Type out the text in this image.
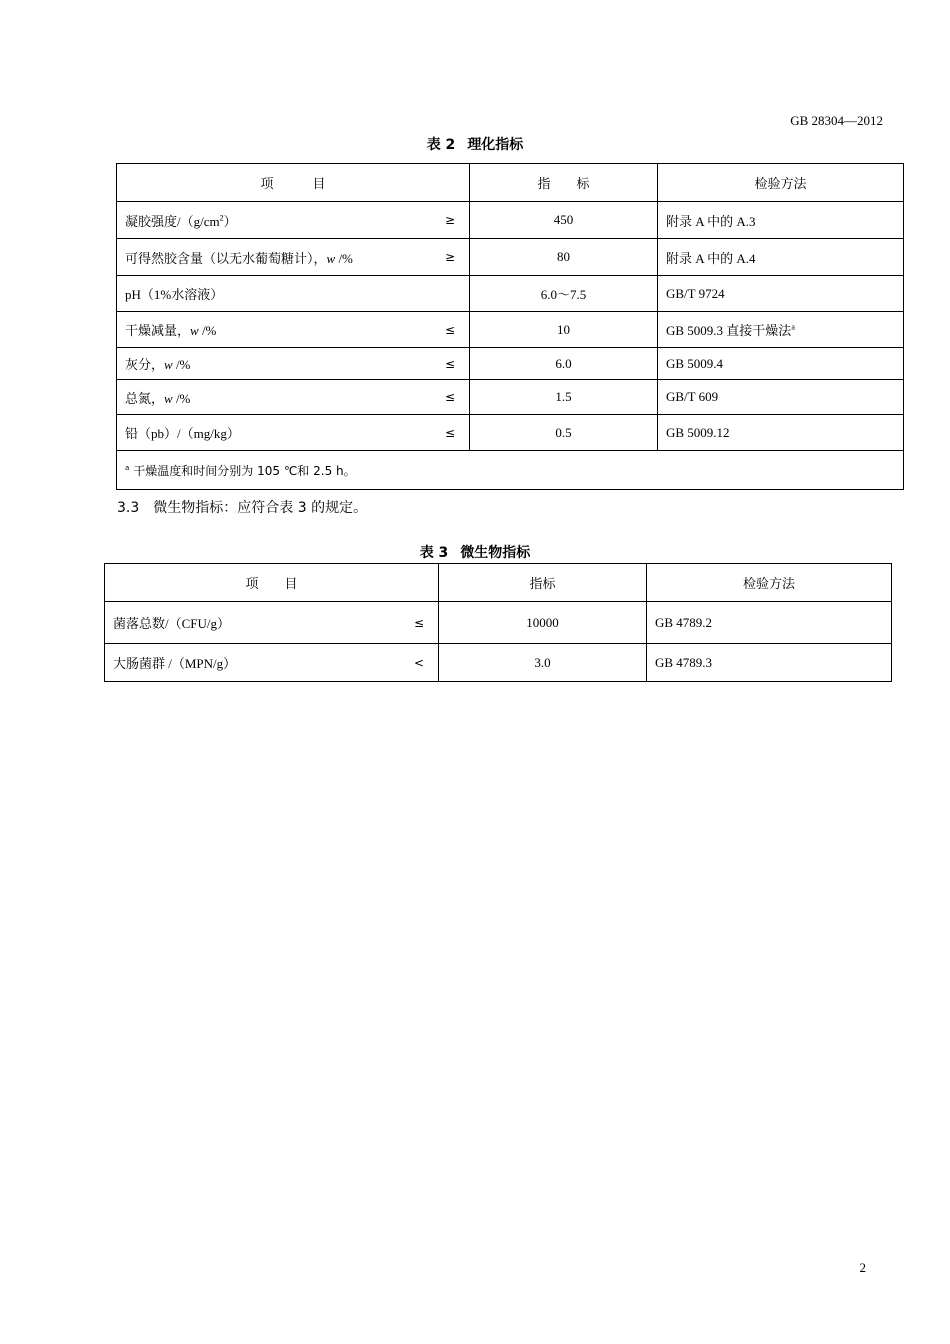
GB 28304—2012
表 2 理化指标
项　　　目	指　　标	检验方法
凝胶强度$/(g/cm^2)$ ≥	450	附录 A 中的 A.3
可得然胶含量（以无水葡萄糖计），w /% ≥	80	附录 A 中的 A.4
pH（1%水溶液）	6.0～7.5	GB/T 9724
干燥减量，w /% ≤	10	GB 5009.3 直接干燥法$^a$
灰分，w /% ≤	6.0	GB 5009.4
总氮，w /% ≤	1.5	GB/T 609
铅（pb）/（mg/kg） ≤	0.5	GB 5009.12
$^a$ 干燥温度和时间分别为 105 ℃和 2.5 h。		
3.3 微生物指标：应符合表 3 的规定。
表 3 微生物指标
项　　目	指标	检验方法
菌落总数/（CFU/g） ≤	10000	GB 4789.2
大肠菌群 /（MPN/g） <	3.0	GB 4789.3
2
